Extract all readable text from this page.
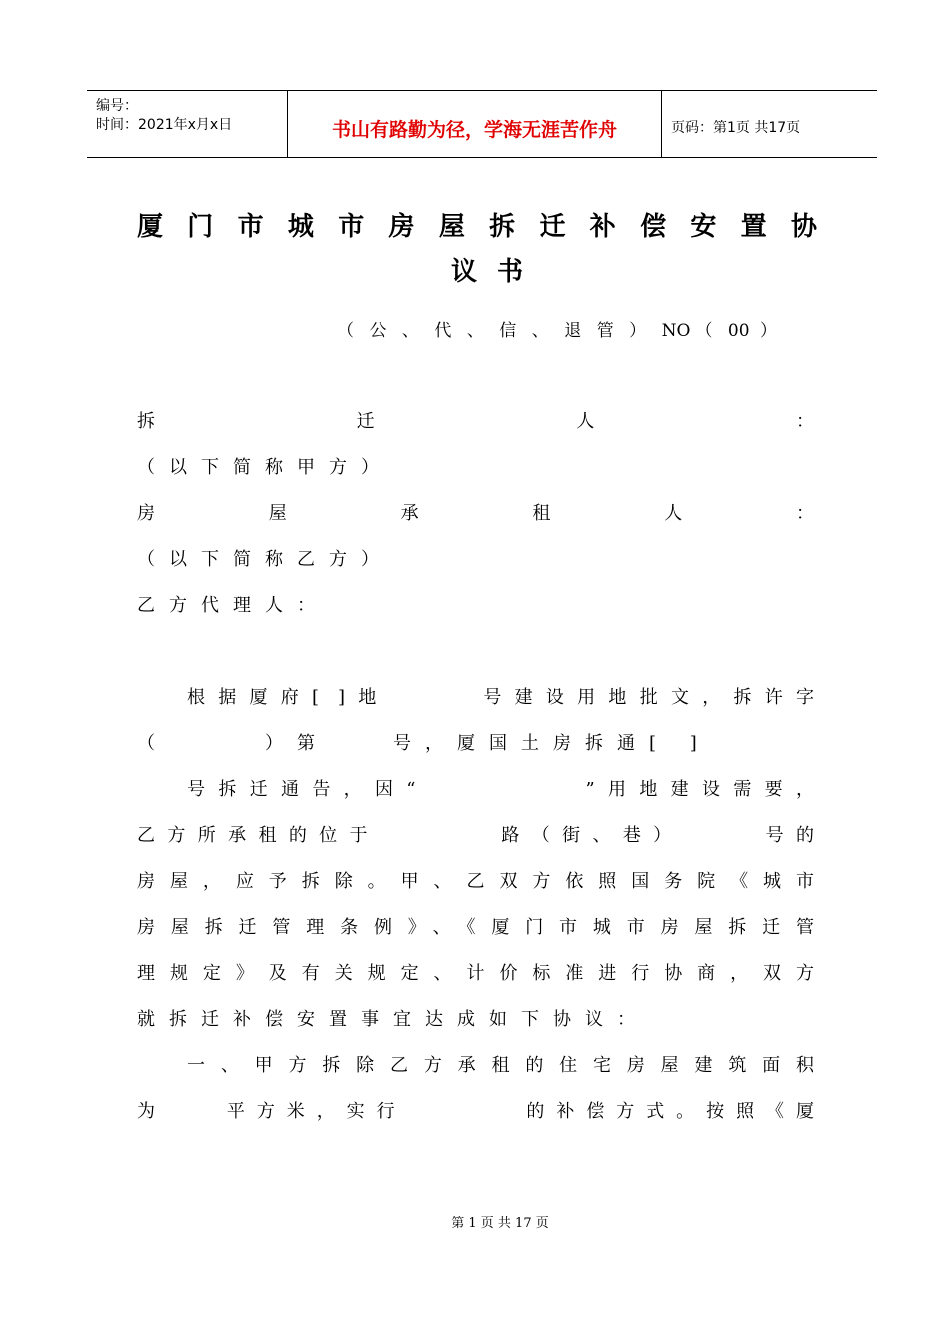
编号：
时间：2021年x月x日	书山有路勤为径，学海无涯苦作舟	页码：第1页 共17页
厦门市城市房屋拆迁补偿安置协
议书
（ 公 、 代 、 信 、 退 管 ） NO（ 00 ）
拆 迁 人 ：
（以下简称甲方）
房 屋 承 租 人 ：
（以下简称乙方）
乙方代理人：
根据厦府[ ]地　　　号建设用地批文，拆许字
（　　　）第　　号，厦国土房拆通[ ]
号拆迁通告，因“　　　　　”用地建设需要，
乙方所承租的位于　　　　路（街、巷）　　　号的
房屋，应予拆除。甲、乙双方依照国务院《城市
房屋拆迁管理条例》、《厦门市城市房屋拆迁管
理规定》及有关规定、计价标准进行协商，双方
就拆迁补偿安置事宜达成如下协议：
一、甲方拆除乙方承租的住宅房屋建筑面积
为　　平方米，实行　　　　的补偿方式。按照《厦
第 1 页 共 17 页
